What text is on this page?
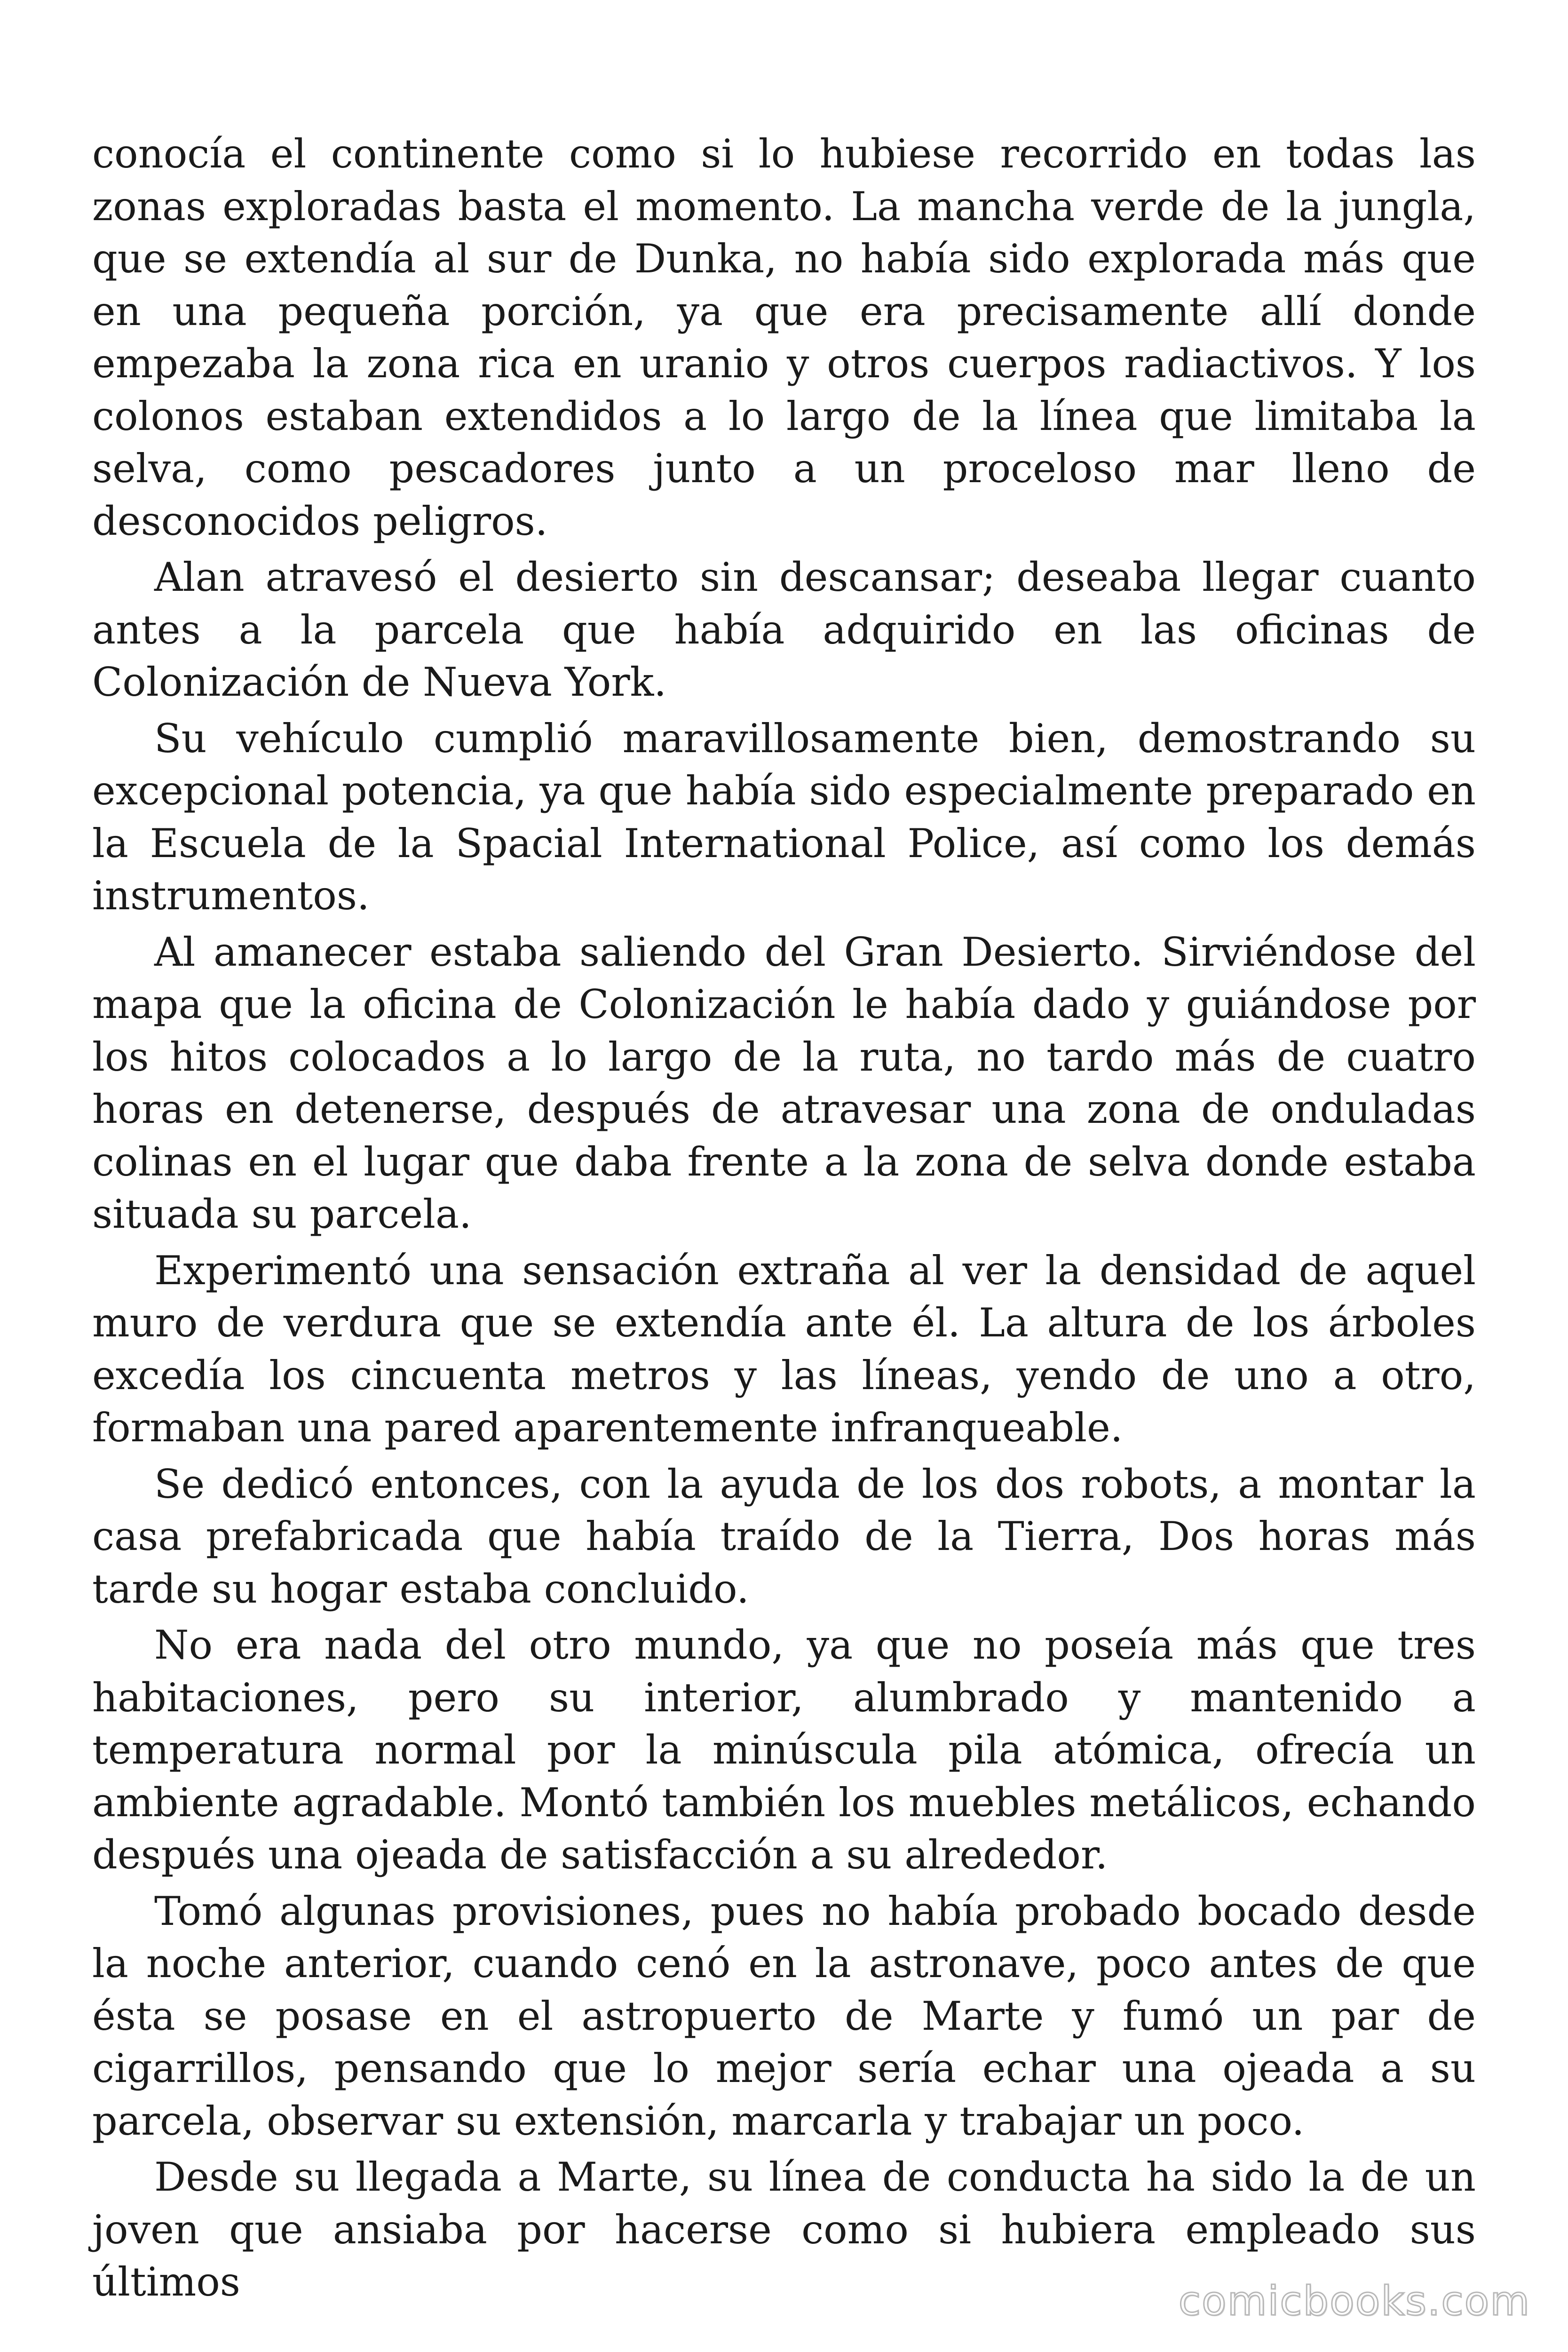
conocía el continente como si lo hubiese recorrido en todas las zonas exploradas basta el momento. La mancha verde de la jungla, que se extendía al sur de Dunka, no había sido explorada más que en una pequeña porción, ya que era precisamente allí donde empezaba la zona rica en uranio y otros cuerpos radiactivos. Y los colonos estaban extendidos a lo largo de la línea que limitaba la selva, como pescadores junto a un proceloso mar lleno de desconocidos peligros.

Alan atravesó el desierto sin descansar; deseaba llegar cuanto antes a la parcela que había adquirido en las oficinas de Colonización de Nueva York.

Su vehículo cumplió maravillosamente bien, demostrando su excepcional potencia, ya que había sido especialmente preparado en la Escuela de la Spacial International Police, así como los demás instrumentos.

Al amanecer estaba saliendo del Gran Desierto. Sirviéndose del mapa que la oficina de Colonización le había dado y guiándose por los hitos colocados a lo largo de la ruta, no tardo más de cuatro horas en detenerse, después de atravesar una zona de onduladas colinas en el lugar que daba frente a la zona de selva donde estaba situada su parcela.

Experimentó una sensación extraña al ver la densidad de aquel muro de verdura que se extendía ante él. La altura de los árboles excedía los cincuenta metros y las líneas, yendo de uno a otro, formaban una pared aparentemente infranqueable.

Se dedicó entonces, con la ayuda de los dos robots, a montar la casa prefabricada que había traído de la Tierra, Dos horas más tarde su hogar estaba concluido.

No era nada del otro mundo, ya que no poseía más que tres habitaciones, pero su interior, alumbrado y mantenido a temperatura normal por la minúscula pila atómica, ofrecía un ambiente agradable. Montó también los muebles metálicos, echando después una ojeada de satisfacción a su alrededor.

Tomó algunas provisiones, pues no había probado bocado desde la noche anterior, cuando cenó en la astronave, poco antes de que ésta se posase en el astropuerto de Marte y fumó un par de cigarrillos, pensando que lo mejor sería echar una ojeada a su parcela, observar su extensión, marcarla y trabajar un poco.

Desde su llegada a Marte, su línea de conducta ha sido la de un joven que ansiaba por hacerse como si hubiera empleado sus últimos	comicbooks.com
